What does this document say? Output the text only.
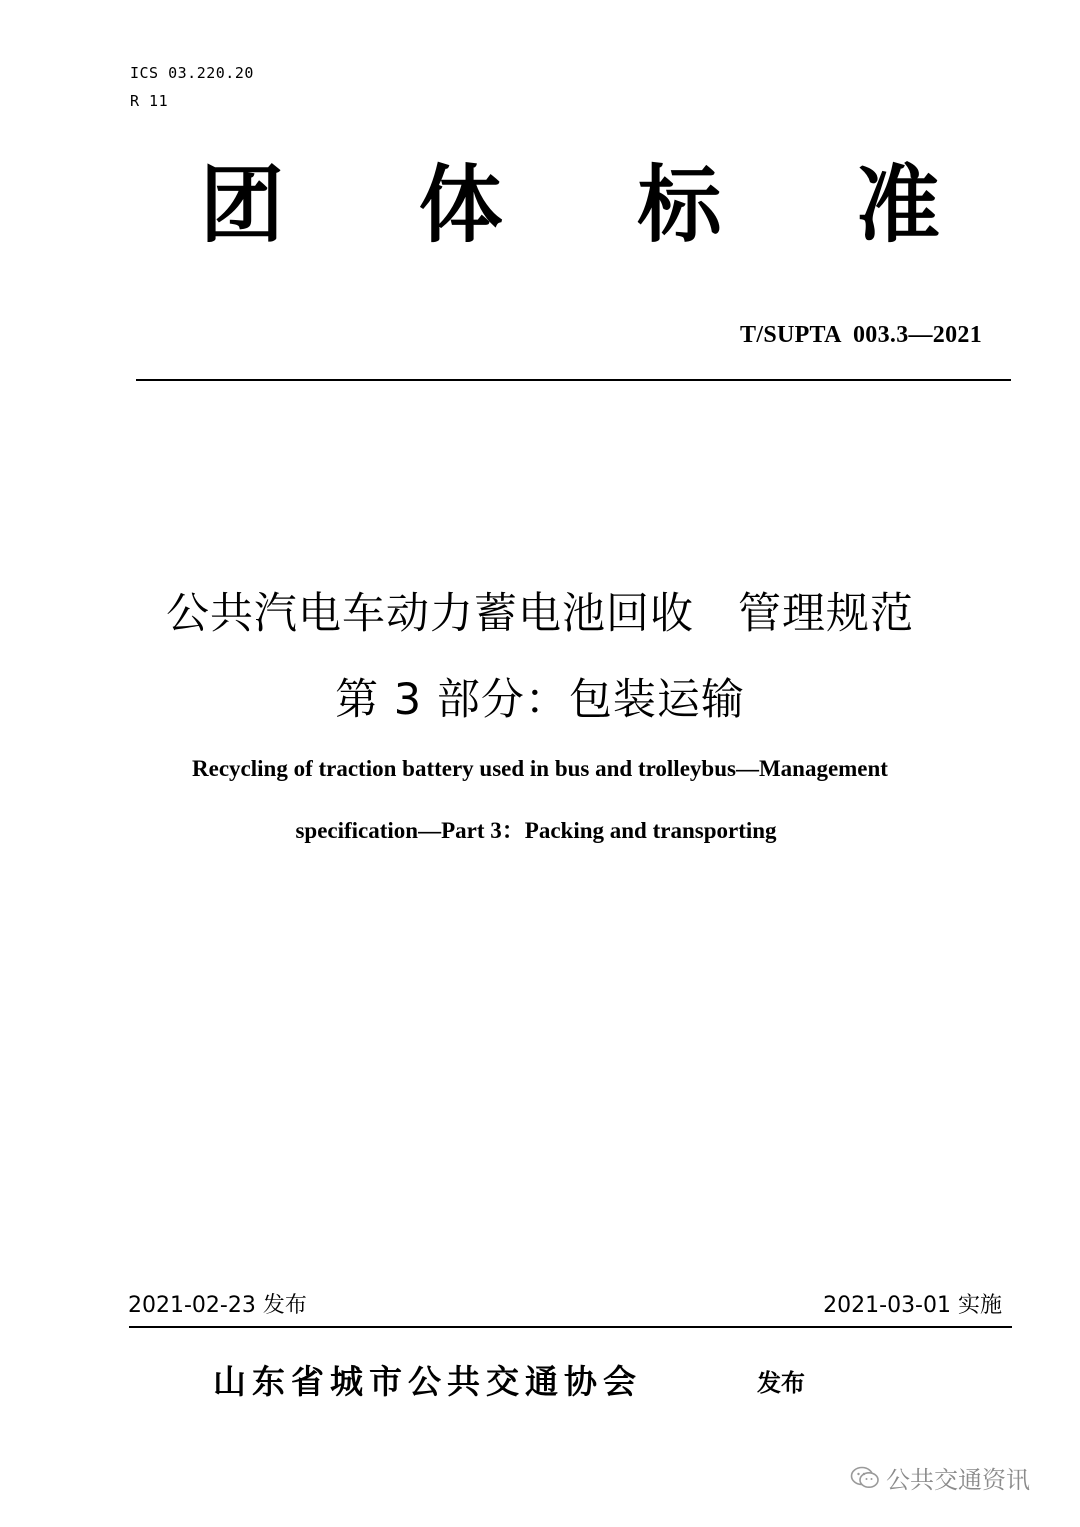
ICS 03.220.20
R 11
团 体 标 准
T/SUPTA  003.3—2021
公共汽电车动力蓄电池回收　管理规范
第 3 部分：包装运输
Recycling of traction battery used in bus and trolleybus—Management
specification—Part 3：Packing and transporting
2021-02-23 发布	2021-03-01 实施
山东省城市公共交通协会	发布
公共交通资讯
